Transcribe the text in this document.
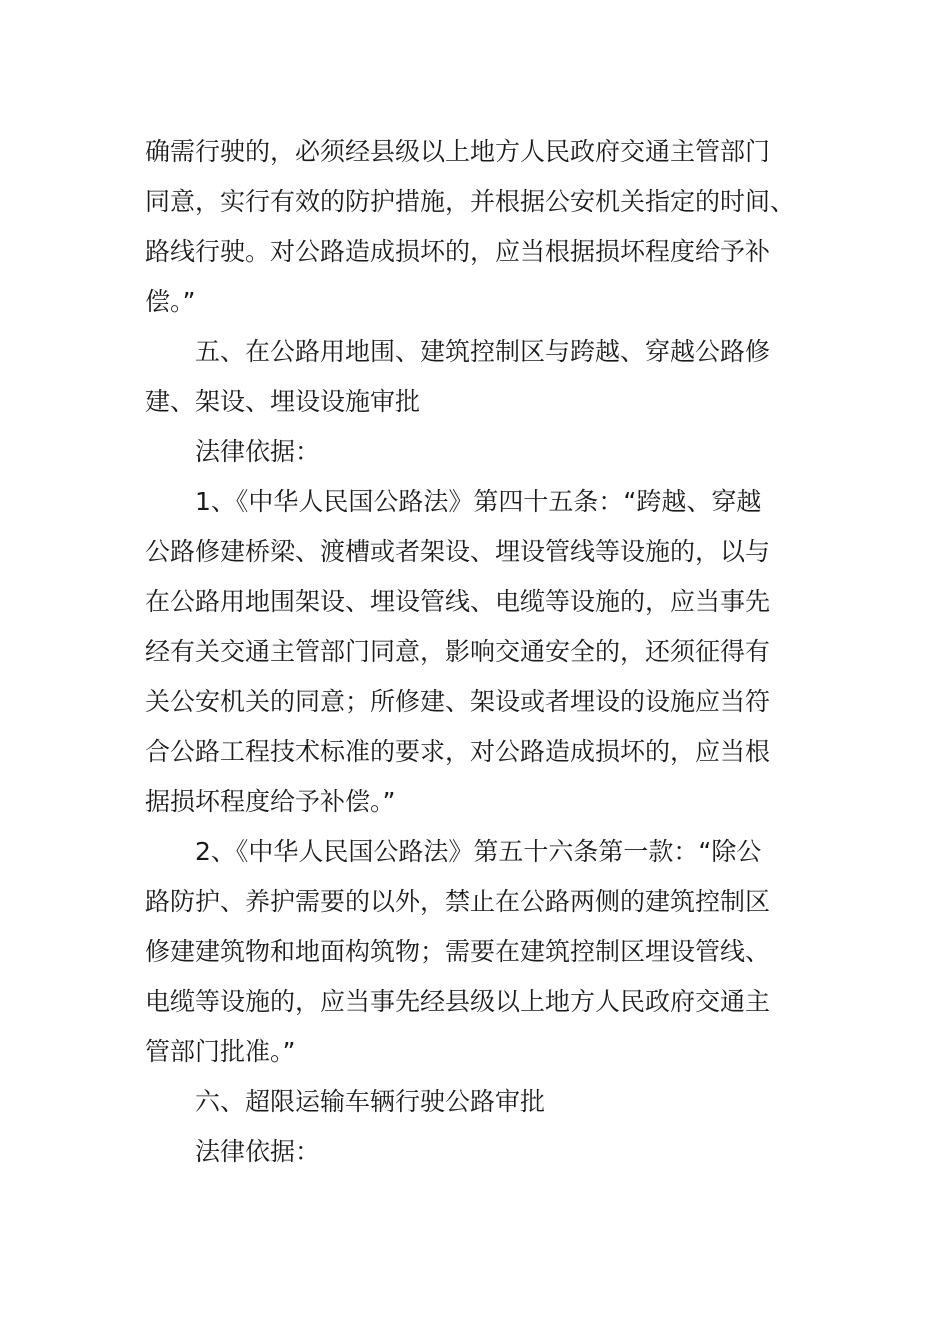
确需行驶的，必须经县级以上地方人民政府交通主管部门
同意，实行有效的防护措施，并根据公安机关指定的时间、
路线行驶。对公路造成损坏的，应当根据损坏程度给予补
偿。”
五、在公路用地围、建筑控制区与跨越、穿越公路修
建、架设、埋设设施审批
法律依据：
1、《中华人民国公路法》第四十五条：“跨越、穿越
公路修建桥梁、渡槽或者架设、埋设管线等设施的，以与
在公路用地围架设、埋设管线、电缆等设施的，应当事先
经有关交通主管部门同意，影响交通安全的，还须征得有
关公安机关的同意；所修建、架设或者埋设的设施应当符
合公路工程技术标准的要求，对公路造成损坏的，应当根
据损坏程度给予补偿。”
2、《中华人民国公路法》第五十六条第一款：“除公
路防护、养护需要的以外，禁止在公路两侧的建筑控制区
修建建筑物和地面构筑物；需要在建筑控制区埋设管线、
电缆等设施的，应当事先经县级以上地方人民政府交通主
管部门批准。”
六、超限运输车辆行驶公路审批
法律依据：
